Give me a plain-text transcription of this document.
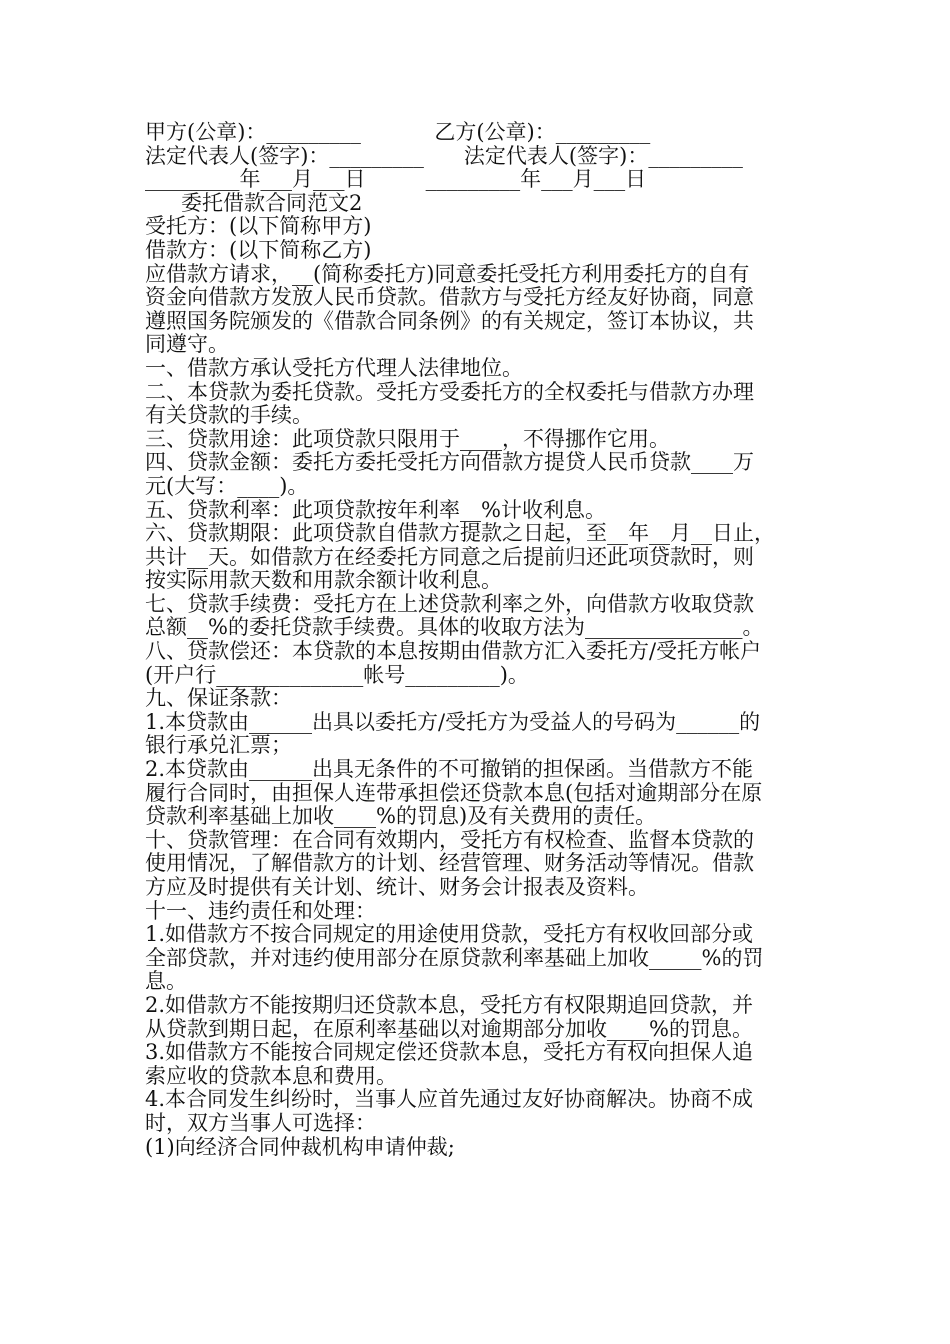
甲方(公章)：_________           乙方(公章)：_________
法定代表人(签字)：_________      法定代表人(签字)：_________
_________年___月___日         _________年___月___日
委托借款合同范文2
受托方：(以下简称甲方)
借款方：(以下简称乙方)
应借款方请求，__(简称委托方)同意委托受托方利用委托方的自有
资金向借款方发放人民币贷款。借款方与受托方经友好协商，同意
遵照国务院颁发的《借款合同条例》的有关规定，签订本协议，共
同遵守。
一、借款方承认受托方代理人法律地位。
二、本贷款为委托贷款。受托方受委托方的全权委托与借款方办理
有关贷款的手续。
三、贷款用途：此项贷款只限用于____，不得挪作它用。
四、贷款金额：委托方委托受托方向借款方提贷人民币贷款____万
元(大写：____)。
五、贷款利率：此项贷款按年利率__%计收利息。
六、贷款期限：此项贷款自借款方提款之日起，至__年__月__日止，
共计__天。如借款方在经委托方同意之后提前归还此项贷款时，则
按实际用款天数和用款余额计收利息。
七、贷款手续费：受托方在上述贷款利率之外，向借款方收取贷款
总额__%的委托贷款手续费。具体的收取方法为_______________。
八、贷款偿还：本贷款的本息按期由借款方汇入委托方/受托方帐户
(开户行______________帐号_________)。
九、保证条款：
1.本贷款由______出具以委托方/受托方为受益人的号码为______的
银行承兑汇票；
2.本贷款由______出具无条件的不可撤销的担保函。当借款方不能
履行合同时，由担保人连带承担偿还贷款本息(包括对逾期部分在原
贷款利率基础上加收____%的罚息)及有关费用的责任。
十、贷款管理：在合同有效期内，受托方有权检查、监督本贷款的
使用情况，了解借款方的计划、经营管理、财务活动等情况。借款
方应及时提供有关计划、统计、财务会计报表及资料。
十一、违约责任和处理：
1.如借款方不按合同规定的用途使用贷款，受托方有权收回部分或
全部贷款，并对违约使用部分在原贷款利率基础上加收_____%的罚
息。
2.如借款方不能按期归还贷款本息，受托方有权限期追回贷款，并
从贷款到期日起，在原利率基础以对逾期部分加收____%的罚息。
3.如借款方不能按合同规定偿还贷款本息，受托方有权向担保人追
索应收的贷款本息和费用。
4.本合同发生纠纷时，当事人应首先通过友好协商解决。协商不成
时，双方当事人可选择：
(1)向经济合同仲裁机构申请仲裁;
